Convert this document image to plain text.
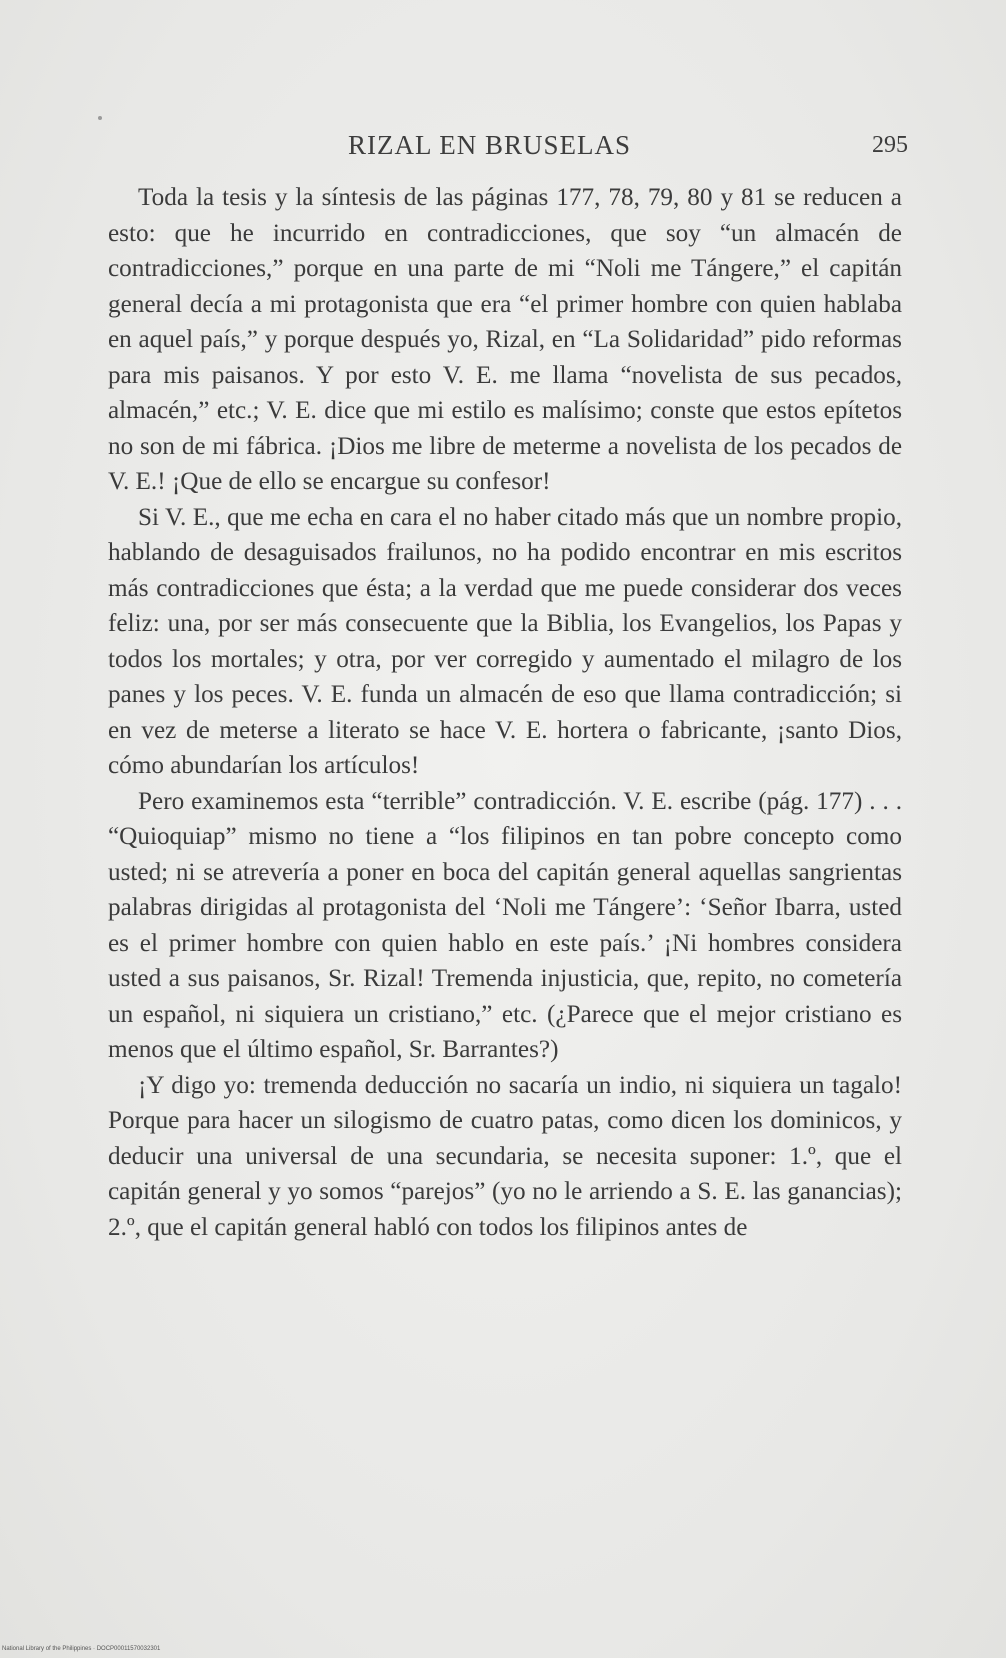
RIZAL EN BRUSELAS	295

Toda la tesis y la síntesis de las páginas 177, 78, 79, 80 y 81 se reducen a esto: que he incurrido en contradicciones, que soy “un almacén de contradicciones,” porque en una parte de mi “Noli me Tángere,” el capitán general decía a mi protagonista que era “el primer hombre con quien hablaba en aquel país,” y porque después yo, Rizal, en “La Solidaridad” pido reformas para mis paisanos. Y por esto V. E. me llama “novelista de sus pecados, almacén,” etc.; V. E. dice que mi estilo es malísimo; conste que estos epítetos no son de mi fábrica. ¡Dios me libre de meterme a novelista de los pecados de V. E.! ¡Que de ello se encargue su confesor!

Si V. E., que me echa en cara el no haber citado más que un nombre propio, hablando de desaguisados frailunos, no ha podido encontrar en mis escritos más contradicciones que ésta; a la verdad que me puede considerar dos veces feliz: una, por ser más consecuente que la Biblia, los Evangelios, los Papas y todos los mortales; y otra, por ver corregido y aumentado el milagro de los panes y los peces. V. E. funda un almacén de eso que llama contradicción; si en vez de meterse a literato se hace V. E. hortera o fabricante, ¡santo Dios, cómo abundarían los artículos!

Pero examinemos esta “terrible” contradicción. V. E. escribe (pág. 177) . . . “Quioquiap” mismo no tiene a “los filipinos en tan pobre concepto como usted; ni se atrevería a poner en boca del capitán general aquellas sangrientas palabras dirigidas al protagonista del ‘Noli me Tángere’: ‘Señor Ibarra, usted es el primer hombre con quien hablo en este país.’ ¡Ni hombres considera usted a sus paisanos, Sr. Rizal! Tremenda injusticia, que, repito, no cometería un español, ni siquiera un cristiano,” etc. (¿Parece que el mejor cristiano es menos que el último español, Sr. Barrantes?)

¡Y digo yo: tremenda deducción no sacaría un indio, ni siquiera un tagalo! Porque para hacer un silogismo de cuatro patas, como dicen los dominicos, y deducir una universal de una secundaria, se necesita suponer: 1.º, que el capitán general y yo somos “parejos” (yo no le arriendo a S. E. las ganancias); 2.º, que el capitán general habló con todos los filipinos antes de

National Library of the Philippines · DOCP00011570032301
